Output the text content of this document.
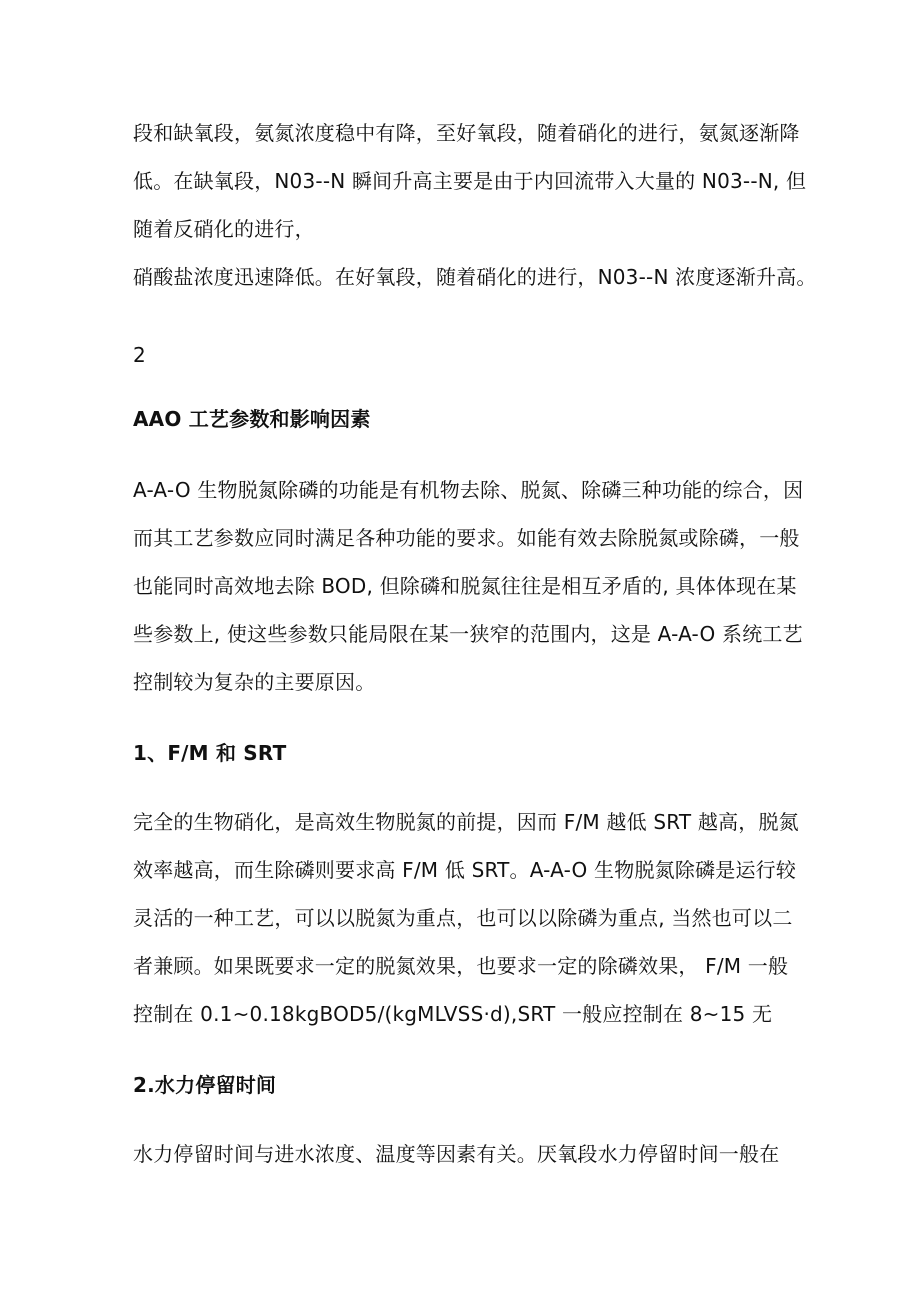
段和缺氧段，氨氮浓度稳中有降，至好氧段，随着硝化的进行，氨氮逐渐降
低。在缺氧段，N03--N 瞬间升高主要是由于内回流带入大量的 N03--N, 但
随着反硝化的进行，
硝酸盐浓度迅速降低。在好氧段，随着硝化的进行，N03--N 浓度逐渐升高。
2
AAO 工艺参数和影响因素
A-A-O 生物脱氮除磷的功能是有机物去除、脱氮、除磷三种功能的综合，因
而其工艺参数应同时满足各种功能的要求。如能有效去除脱氮或除磷，一般
也能同时高效地去除 BOD, 但除磷和脱氮往往是相互矛盾的, 具体体现在某
些参数上, 使这些参数只能局限在某一狭窄的范围内，这是 A-A-O 系统工艺
控制较为复杂的主要原因。
1、F/M 和 SRT
完全的生物硝化，是高效生物脱氮的前提，因而 F/M 越低 SRT 越高，脱氮
效率越高，而生除磷则要求高 F/M 低 SRT。A-A-O 生物脱氮除磷是运行较
灵活的一种工艺，可以以脱氮为重点，也可以以除磷为重点, 当然也可以二
者兼顾。如果既要求一定的脱氮效果，也要求一定的除磷效果， F/M 一般
控制在 0.1~0.18kgBOD5/(kgMLVSS·d),SRT 一般应控制在 8~15 无
2.水力停留时间
水力停留时间与进水浓度、温度等因素有关。厌氧段水力停留时间一般在
